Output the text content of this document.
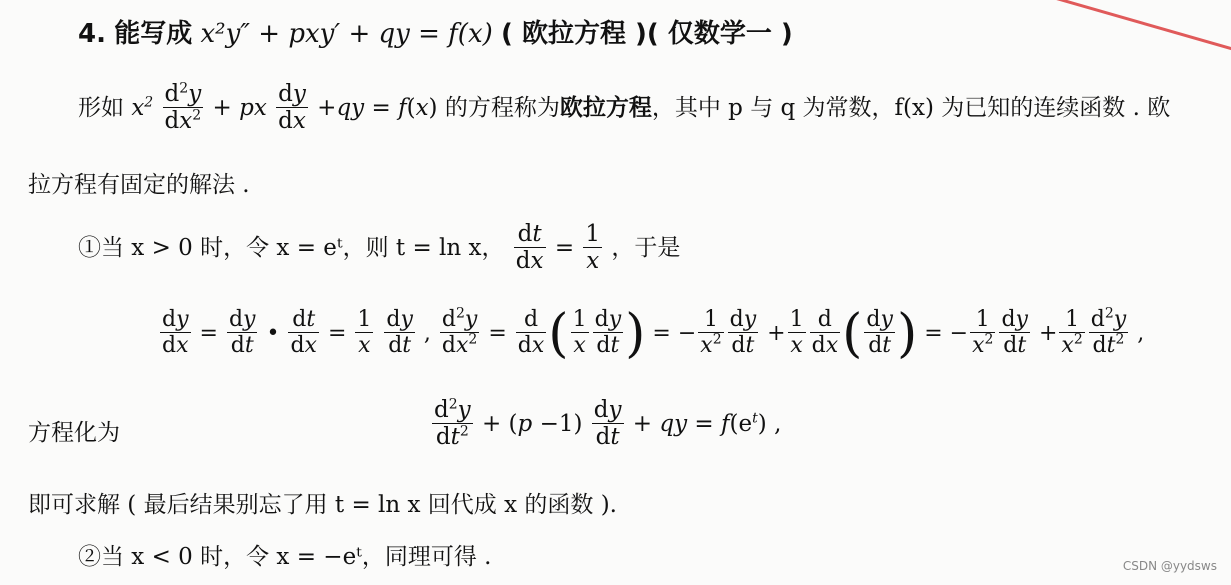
4. 能写成 x²y″ + pxy′ + qy = f(x) ( 欧拉方程 )( 仅数学一 )
形如 $x^2 \frac{d^2y}{dx^2}$ + px $\frac{dy}{dx} +qy = f(x)$ 的方程称为欧拉方程，其中 p 与 q 为常数，f(x) 为已知的连续函数 . 欧
拉方程有固定的解法 .
①当 x > 0 时，令 x = eᵗ，则 t = ln x， $\frac{dt}{dx} = \frac{1}{x}$ ，于是
$\frac{dy}{dx} = \frac{dy}{dt}$ • $\frac{dt}{dx} = \frac{1}{x}$
$\frac{dy}{dt}$ , $\frac{d^2y}{dx^2} = \frac{d}{dx}$ ( $\frac{1}{x} \frac{dy}{dt}$ ) = − $\frac{1}{x^2} \frac{dy}{dt} + \frac{1}{x} \frac{d}{dx}$ ( $\frac{dy}{dt}$ ) = − $\frac{1}{x^2} \frac{dy}{dt} + \frac{1}{x^2} \frac{d^2y}{dt^2}$ ,
方程化为	$\frac{d^2y}{dt^2} + (p -1) \frac{dy}{dt}$ + qy = $f(e^t)$ ,
即可求解 ( 最后结果别忘了用 t = ln x 回代成 x 的函数 ).
②当 x < 0 时，令 x = −eᵗ，同理可得 .	CSDN @yydsws
